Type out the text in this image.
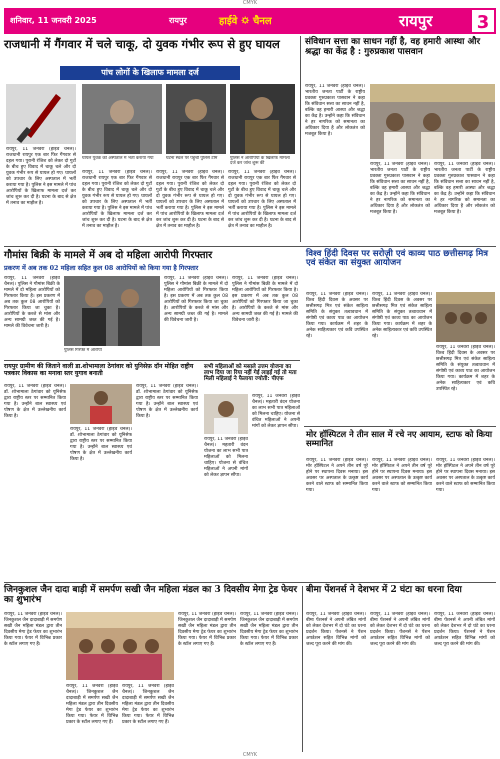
CMYK
शनिवार, 11 जनवरी 2025	रायपुर	हाईवे 🌣 चैनल	रायपुर	3
राजधानी में गैंगवार में चले चाकू, दो युवक गंभीर रूप से हुए घायल
पांच लोगों के खिलाफ मामला दर्ज
रायपुर, 11 जनवरी (हाईवे चैनल)। राजधानी रायपुर एक बार फिर गैंगवार से दहल गया। पुरानी रंजिश को लेकर दो गुटों के बीच हुए विवाद में चाकू चले और दो युवक गंभीर रूप से घायल हो गए। घायलों को उपचार के लिए अस्पताल में भर्ती कराया गया है। पुलिस ने इस मामले में पांच आरोपियों के खिलाफ मामला दर्ज कर जांच शुरू कर दी है। घटना के बाद से क्षेत्र में तनाव का माहौल है।
घायल युवक को अस्पताल में भर्ती कराया गया	घटना स्थल पर पहुंची पुलिस टीम	पुलिस ने आरोपियों के खिलाफ मामला दर्ज कर जांच शुरू की
रायपुर, 11 जनवरी (हाईवे चैनल)। राजधानी रायपुर एक बार फिर गैंगवार से दहल गया। पुरानी रंजिश को लेकर दो गुटों के बीच हुए विवाद में चाकू चले और दो युवक गंभीर रूप से घायल हो गए। घायलों को उपचार के लिए अस्पताल में भर्ती कराया गया है। पुलिस ने इस मामले में पांच आरोपियों के खिलाफ मामला दर्ज कर जांच शुरू कर दी है। घटना के बाद से क्षेत्र में तनाव का माहौल है।
रायपुर, 11 जनवरी (हाईवे चैनल)। राजधानी रायपुर एक बार फिर गैंगवार से दहल गया। पुरानी रंजिश को लेकर दो गुटों के बीच हुए विवाद में चाकू चले और दो युवक गंभीर रूप से घायल हो गए। घायलों को उपचार के लिए अस्पताल में भर्ती कराया गया है। पुलिस ने इस मामले में पांच आरोपियों के खिलाफ मामला दर्ज कर जांच शुरू कर दी है। घटना के बाद से क्षेत्र में तनाव का माहौल है।
रायपुर, 11 जनवरी (हाईवे चैनल)। राजधानी रायपुर एक बार फिर गैंगवार से दहल गया। पुरानी रंजिश को लेकर दो गुटों के बीच हुए विवाद में चाकू चले और दो युवक गंभीर रूप से घायल हो गए। घायलों को उपचार के लिए अस्पताल में भर्ती कराया गया है। पुलिस ने इस मामले में पांच आरोपियों के खिलाफ मामला दर्ज कर जांच शुरू कर दी है। घटना के बाद से क्षेत्र में तनाव का माहौल है।
संविधान सत्ता का साधन नहीं है, वह हमारी आस्था और श्रद्धा का केंद्र है : गुरुप्रकाश पासवान
रायपुर, 11 जनवरी (हाईवे चैनल)। भारतीय जनता पार्टी के राष्ट्रीय प्रवक्ता गुरुप्रकाश पासवान ने कहा कि संविधान सत्ता का साधन नहीं है, बल्कि वह हमारी आस्था और श्रद्धा का केंद्र है। उन्होंने कहा कि संविधान ने हर नागरिक को समानता का अधिकार दिया है और लोकतंत्र को मजबूत किया है।
रायपुर, 11 जनवरी (हाईवे चैनल)। भारतीय जनता पार्टी के राष्ट्रीय प्रवक्ता गुरुप्रकाश पासवान ने कहा कि संविधान सत्ता का साधन नहीं है, बल्कि वह हमारी आस्था और श्रद्धा का केंद्र है। उन्होंने कहा कि संविधान ने हर नागरिक को समानता का अधिकार दिया है और लोकतंत्र को मजबूत किया है।
रायपुर, 11 जनवरी (हाईवे चैनल)। भारतीय जनता पार्टी के राष्ट्रीय प्रवक्ता गुरुप्रकाश पासवान ने कहा कि संविधान सत्ता का साधन नहीं है, बल्कि वह हमारी आस्था और श्रद्धा का केंद्र है। उन्होंने कहा कि संविधान ने हर नागरिक को समानता का अधिकार दिया है और लोकतंत्र को मजबूत किया है।
गौमांस बिक्री के मामले में अब दो महिला आरोपी गिरफ्तार
प्रकरण में अब तक 02 महिला सहित कुल 08 आरोपियों को किया गया है गिरफ्तार
रायपुर, 11 जनवरी (हाईवे चैनल)। पुलिस ने गौमांस बिक्री के मामले में दो महिला आरोपियों को गिरफ्तार किया है। इस प्रकरण में अब तक कुल 08 आरोपियों को गिरफ्तार किया जा चुका है। आरोपियों के कब्जे से मांस और अन्य सामग्री जब्त की गई है। मामले की विवेचना जारी है।
पुलिस गिरफ्त में आरोपी
रायपुर, 11 जनवरी (हाईवे चैनल)। पुलिस ने गौमांस बिक्री के मामले में दो महिला आरोपियों को गिरफ्तार किया है। इस प्रकरण में अब तक कुल 08 आरोपियों को गिरफ्तार किया जा चुका है। आरोपियों के कब्जे से मांस और अन्य सामग्री जब्त की गई है। मामले की विवेचना जारी है।
रायपुर, 11 जनवरी (हाईवे चैनल)। पुलिस ने गौमांस बिक्री के मामले में दो महिला आरोपियों को गिरफ्तार किया है। इस प्रकरण में अब तक कुल 08 आरोपियों को गिरफ्तार किया जा चुका है। आरोपियों के कब्जे से मांस और अन्य सामग्री जब्त की गई है। मामले की विवेचना जारी है।
विश्व हिंदी दिवस पर सरोज़ी एवं काव्य पाठ छत्तीसगढ़ मित्र एवं संकेत का संयुक्त आयोजन
रायपुर, 11 जनवरी (हाईवे चैनल)। विश्व हिंदी दिवस के अवसर पर छत्तीसगढ़ मित्र एवं संकेत साहित्य समिति के संयुक्त तत्वावधान में संगोष्ठी एवं काव्य पाठ का आयोजन किया गया। कार्यक्रम में शहर के अनेक साहित्यकार एवं कवि उपस्थित रहे।
रायपुर, 11 जनवरी (हाईवे चैनल)। विश्व हिंदी दिवस के अवसर पर छत्तीसगढ़ मित्र एवं संकेत साहित्य समिति के संयुक्त तत्वावधान में संगोष्ठी एवं काव्य पाठ का आयोजन किया गया। कार्यक्रम में शहर के अनेक साहित्यकार एवं कवि उपस्थित रहे।
रायपुर, 11 जनवरी (हाईवे चैनल)। विश्व हिंदी दिवस के अवसर पर छत्तीसगढ़ मित्र एवं संकेत साहित्य समिति के संयुक्त तत्वावधान में संगोष्ठी एवं काव्य पाठ का आयोजन किया गया। कार्यक्रम में शहर के अनेक साहित्यकार एवं कवि उपस्थित रहे।
रायपुर ग्रामीण की जिताने वाली डा.शोभामाला ठेगांवार को युनिसेफ़ दॉन मोहित राष्ट्रीय पत्रकार विकास का मनावा स्तर युगाव बनाती
रायपुर, 11 जनवरी (हाईवे चैनल)। डॉ. शोभामाला ठेगांवार को यूनिसेफ द्वारा राष्ट्रीय स्तर पर सम्मानित किया गया है। उन्होंने बाल स्वास्थ्य एवं पोषण के क्षेत्र में उल्लेखनीय कार्य किया है।
रायपुर, 11 जनवरी (हाईवे चैनल)। डॉ. शोभामाला ठेगांवार को यूनिसेफ द्वारा राष्ट्रीय स्तर पर सम्मानित किया गया है। उन्होंने बाल स्वास्थ्य एवं पोषण के क्षेत्र में उल्लेखनीय कार्य किया है।
रायपुर, 11 जनवरी (हाईवे चैनल)। डॉ. शोभामाला ठेगांवार को यूनिसेफ द्वारा राष्ट्रीय स्तर पर सम्मानित किया गया है। उन्होंने बाल स्वास्थ्य एवं पोषण के क्षेत्र में उल्लेखनीय कार्य किया है।
सभी महिलाओं को मसाले उत्तम योजना का लाभ दिया जा रिया नहीं गेई लाइईं गई तो मता मिली महिलाई ने फैलाया ज्योती: पीएफ
रायपुर, 11 जनवरी (हाईवे चैनल)। महतारी वंदन योजना का लाभ सभी पात्र महिलाओं को मिलना चाहिए। योजना से वंचित महिलाओं ने अपनी मांगों को लेकर ज्ञापन सौंपा।
रायपुर, 11 जनवरी (हाईवे चैनल)। महतारी वंदन योजना का लाभ सभी पात्र महिलाओं को मिलना चाहिए। योजना से वंचित महिलाओं ने अपनी मांगों को लेकर ज्ञापन सौंपा।
मोर हॉस्पिटल ने तीन साल में रचे नए आयाम, स्टाफ को किया सम्मानित
रायपुर, 11 जनवरी (हाईवे चैनल)। मोर हॉस्पिटल ने अपने तीन वर्ष पूरे होने पर स्थापना दिवस मनाया। इस अवसर पर अस्पताल के उत्कृष्ट कार्य करने वाले स्टाफ को सम्मानित किया गया।
रायपुर, 11 जनवरी (हाईवे चैनल)। मोर हॉस्पिटल ने अपने तीन वर्ष पूरे होने पर स्थापना दिवस मनाया। इस अवसर पर अस्पताल के उत्कृष्ट कार्य करने वाले स्टाफ को सम्मानित किया गया।
रायपुर, 11 जनवरी (हाईवे चैनल)। मोर हॉस्पिटल ने अपने तीन वर्ष पूरे होने पर स्थापना दिवस मनाया। इस अवसर पर अस्पताल के उत्कृष्ट कार्य करने वाले स्टाफ को सम्मानित किया गया।
जिनकुशल जैन दादा बाड़ी में समर्पण सखी जैन महिला मंडल का 3 दिवसीय मेगा ट्रेड फेयर का शुभारंभ
रायपुर, 11 जनवरी (हाईवे चैनल)। जिनकुशल जैन दादाबाड़ी में समर्पण सखी जैन महिला मंडल द्वारा तीन दिवसीय मेगा ट्रेड फेयर का शुभारंभ किया गया। फेयर में विभिन्न प्रकार के स्टॉल लगाए गए हैं।
रायपुर, 11 जनवरी (हाईवे चैनल)। जिनकुशल जैन दादाबाड़ी में समर्पण सखी जैन महिला मंडल द्वारा तीन दिवसीय मेगा ट्रेड फेयर का शुभारंभ किया गया। फेयर में विभिन्न प्रकार के स्टॉल लगाए गए हैं।
रायपुर, 11 जनवरी (हाईवे चैनल)। जिनकुशल जैन दादाबाड़ी में समर्पण सखी जैन महिला मंडल द्वारा तीन दिवसीय मेगा ट्रेड फेयर का शुभारंभ किया गया। फेयर में विभिन्न प्रकार के स्टॉल लगाए गए हैं।
रायपुर, 11 जनवरी (हाईवे चैनल)। जिनकुशल जैन दादाबाड़ी में समर्पण सखी जैन महिला मंडल द्वारा तीन दिवसीय मेगा ट्रेड फेयर का शुभारंभ किया गया। फेयर में विभिन्न प्रकार के स्टॉल लगाए गए हैं।
रायपुर, 11 जनवरी (हाईवे चैनल)। जिनकुशल जैन दादाबाड़ी में समर्पण सखी जैन महिला मंडल द्वारा तीन दिवसीय मेगा ट्रेड फेयर का शुभारंभ किया गया। फेयर में विभिन्न प्रकार के स्टॉल लगाए गए हैं।
बीमा पेंशनर्स ने देशभर में 2 घंटा का धरना दिया
रायपुर, 11 जनवरी (हाईवे चैनल)। बीमा पेंशनर्स ने अपनी लंबित मांगों को लेकर देशभर में दो घंटे का धरना प्रदर्शन किया। पेंशनर्स ने पेंशन अपडेशन सहित विभिन्न मांगों को जल्द पूरा करने की मांग की।
रायपुर, 11 जनवरी (हाईवे चैनल)। बीमा पेंशनर्स ने अपनी लंबित मांगों को लेकर देशभर में दो घंटे का धरना प्रदर्शन किया। पेंशनर्स ने पेंशन अपडेशन सहित विभिन्न मांगों को जल्द पूरा करने की मांग की।
रायपुर, 11 जनवरी (हाईवे चैनल)। बीमा पेंशनर्स ने अपनी लंबित मांगों को लेकर देशभर में दो घंटे का धरना प्रदर्शन किया। पेंशनर्स ने पेंशन अपडेशन सहित विभिन्न मांगों को जल्द पूरा करने की मांग की।
CMYK
